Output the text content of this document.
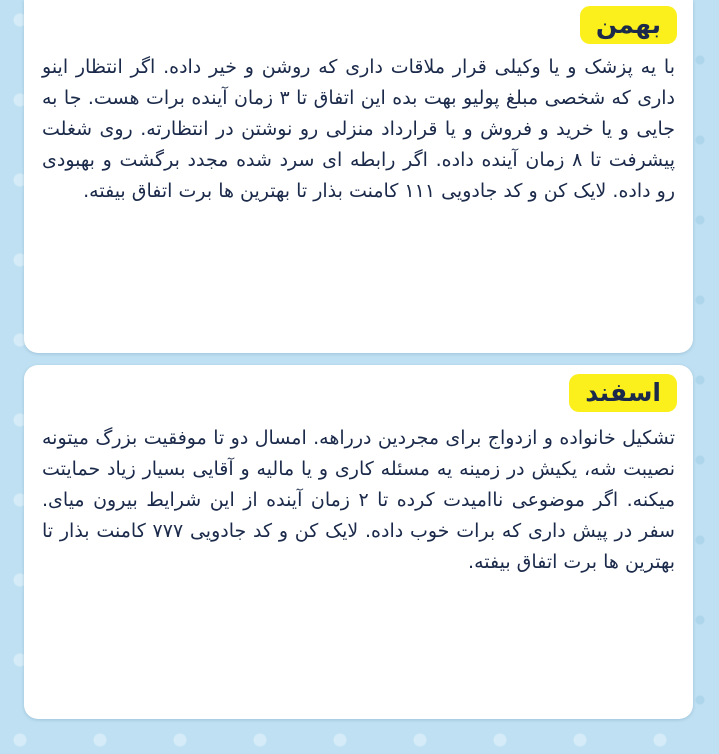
بهمن
با یه پزشک و یا وکیلی قرار ملاقات داری که روشن و خیر داده. اگر انتظار اینو داری که شخصی مبلغ پولیو بهت بده این اتفاق تا ۳ زمان آینده برات هست. جا به جایی و یا خرید و فروش و یا قرارداد منزلی رو نوشتن در انتظارته. روی شغلت پیشرفت تا ۸ زمان آینده داده. اگر رابطه ای سرد شده مجدد برگشت و بهبودی رو داده. لایک کن و کد جادویی ۱۱۱ کامنت بذار تا بهترین ها برت اتفاق بیفته.
اسفند
تشکیل خانواده و ازدواج برای مجردین درراهه. امسال دو تا موفقیت بزرگ میتونه نصیبت شه، یکیش در زمینه یه مسئله کاری و یا مالیه و آقایی بسیار زیاد حمایتت میکنه. اگر موضوعی ناامیدت کرده تا ۲ زمان آینده از این شرایط بیرون میای. سفر در پیش داری که برات خوب داده. لایک کن و کد جادویی ۷۷۷ کامنت بذار تا بهترین ها برت اتفاق بیفته.
